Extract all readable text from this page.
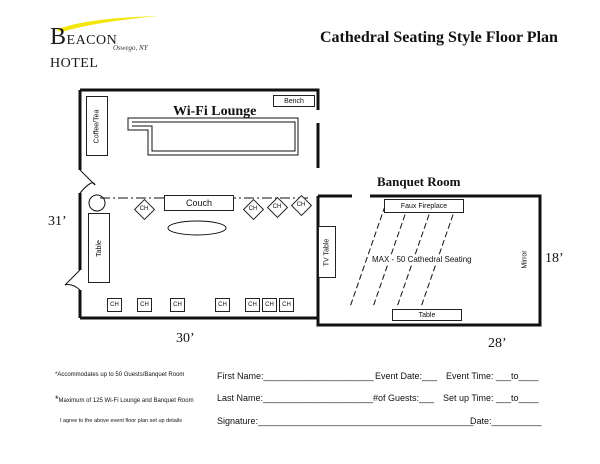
BEACON HOTEL
Oswego, NY
Cathedral Seating Style Floor Plan
Bench
Coffee/Tea	Wi-Fi Lounge
Couch
Table
CH	CH	CH	CH
CH	CH	CH	CH	CH	CH	CH
Banquet Room
Faux Fireplace
TV Table	Mirror
MAX - 50 Cathedral Seating
Table
31’
30’
18’
28’
*Accommodates up to 50 Guests/Banquet Room
*Maximum of 125 Wi-Fi Lounge and Banquet Room
I agree to the above event floor plan set up details
First Name:______________________ Event Date:___ Event Time: ___to____
Last Name:______________________ #of Guests:___ Set up Time: ___to____
Signature:___________________________________________
Date:__________
